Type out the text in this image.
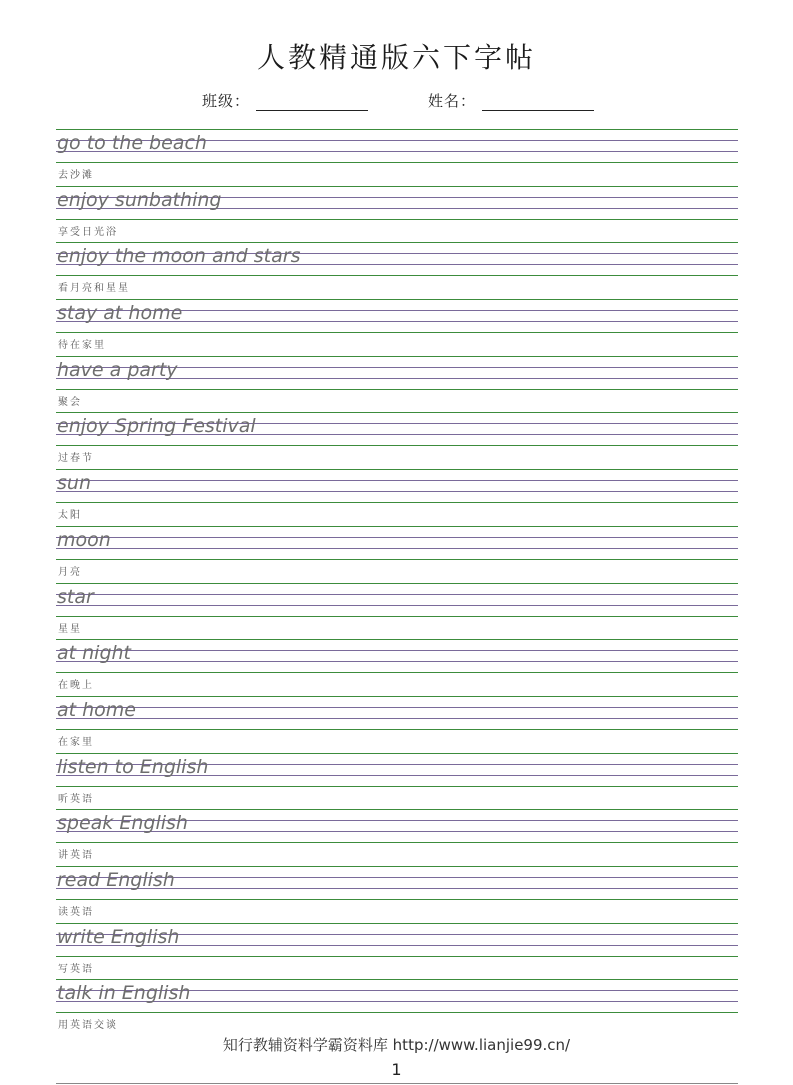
人教精通版六下字帖
班级：	姓名：
go to the beach
去沙滩
enjoy sunbathing
享受日光浴
enjoy the moon and stars
看月亮和星星
stay at home
待在家里
have a party
聚会
enjoy Spring Festival
过春节
sun
太阳
moon
月亮
star
星星
at night
在晚上
at home
在家里
listen to English
听英语
speak English
讲英语
read English
读英语
write English
写英语
talk in English
用英语交谈
知行教辅资料学霸资料库 http://www.lianjie99.cn/
1
